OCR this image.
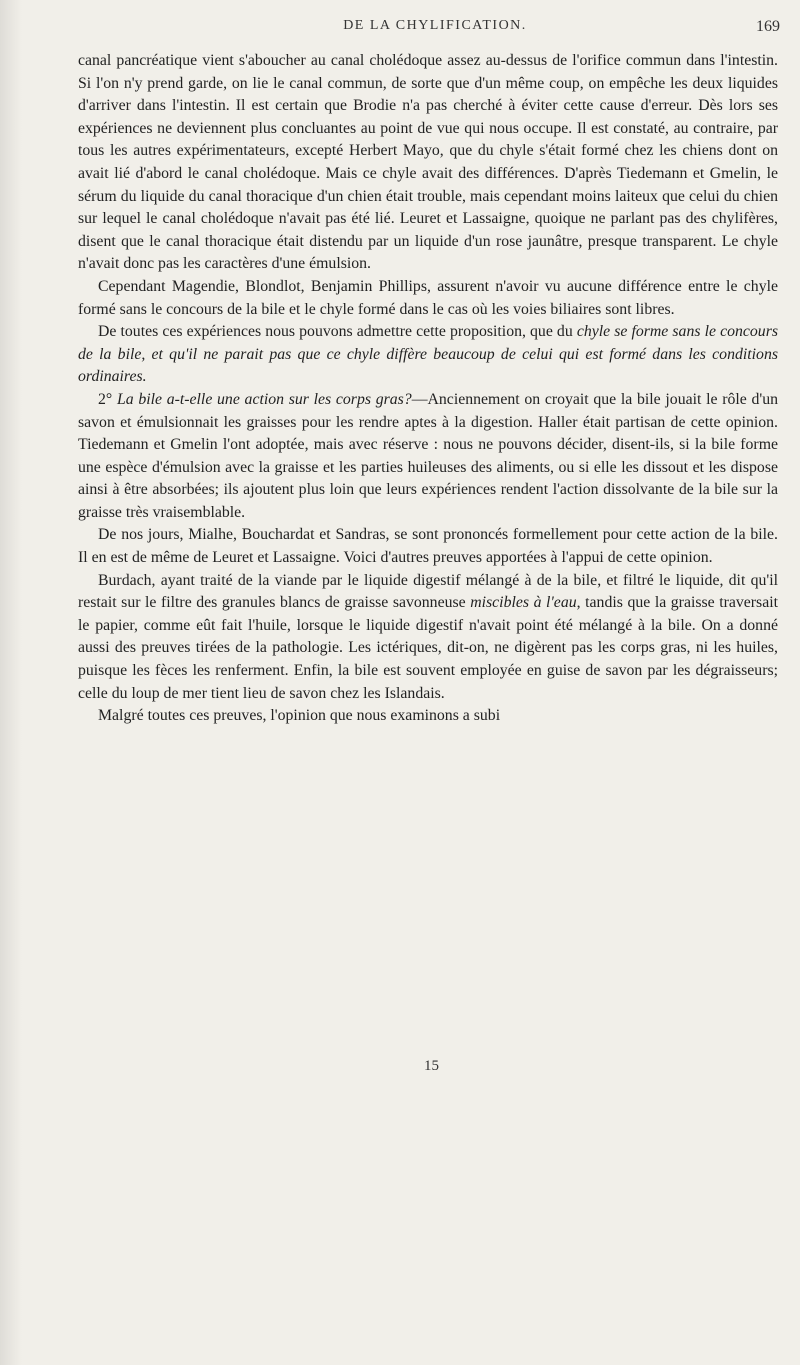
DE LA CHYLIFICATION.	169

canal pancréatique vient s'aboucher au canal cholédoque assez au-dessus de l'orifice commun dans l'intestin. Si l'on n'y prend garde, on lie le canal commun, de sorte que d'un même coup, on empêche les deux liquides d'arriver dans l'intestin. Il est certain que Brodie n'a pas cherché à éviter cette cause d'erreur. Dès lors ses expériences ne deviennent plus concluantes au point de vue qui nous occupe. Il est constaté, au contraire, par tous les autres expérimentateurs, excepté Herbert Mayo, que du chyle s'était formé chez les chiens dont on avait lié d'abord le canal cholédoque. Mais ce chyle avait des différences. D'après Tiedemann et Gmelin, le sérum du liquide du canal thoracique d'un chien était trouble, mais cependant moins laiteux que celui du chien sur lequel le canal cholédoque n'avait pas été lié. Leuret et Lassaigne, quoique ne parlant pas des chylifères, disent que le canal thoracique était distendu par un liquide d'un rose jaunâtre, presque transparent. Le chyle n'avait donc pas les caractères d'une émulsion.

Cependant Magendie, Blondlot, Benjamin Phillips, assurent n'avoir vu aucune différence entre le chyle formé sans le concours de la bile et le chyle formé dans le cas où les voies biliaires sont libres.

De toutes ces expériences nous pouvons admettre cette proposition, que du chyle se forme sans le concours de la bile, et qu'il ne parait pas que ce chyle diffère beaucoup de celui qui est formé dans les conditions ordinaires.

2° La bile a-t-elle une action sur les corps gras?—Anciennement on croyait que la bile jouait le rôle d'un savon et émulsionnait les graisses pour les rendre aptes à la digestion. Haller était partisan de cette opinion. Tiedemann et Gmelin l'ont adoptée, mais avec réserve : nous ne pouvons décider, disent-ils, si la bile forme une espèce d'émulsion avec la graisse et les parties huileuses des aliments, ou si elle les dissout et les dispose ainsi à être absorbées; ils ajoutent plus loin que leurs expériences rendent l'action dissolvante de la bile sur la graisse très vraisemblable.

De nos jours, Mialhe, Bouchardat et Sandras, se sont prononcés formellement pour cette action de la bile. Il en est de même de Leuret et Lassaigne. Voici d'autres preuves apportées à l'appui de cette opinion.

Burdach, ayant traité de la viande par le liquide digestif mélangé à de la bile, et filtré le liquide, dit qu'il restait sur le filtre des granules blancs de graisse savonneuse miscibles à l'eau, tandis que la graisse traversait le papier, comme eût fait l'huile, lorsque le liquide digestif n'avait point été mélangé à la bile. On a donné aussi des preuves tirées de la pathologie. Les ictériques, dit-on, ne digèrent pas les corps gras, ni les huiles, puisque les fèces les renferment. Enfin, la bile est souvent employée en guise de savon par les dégraisseurs; celle du loup de mer tient lieu de savon chez les Islandais.

Malgré toutes ces preuves, l'opinion que nous examinons a subi

15
